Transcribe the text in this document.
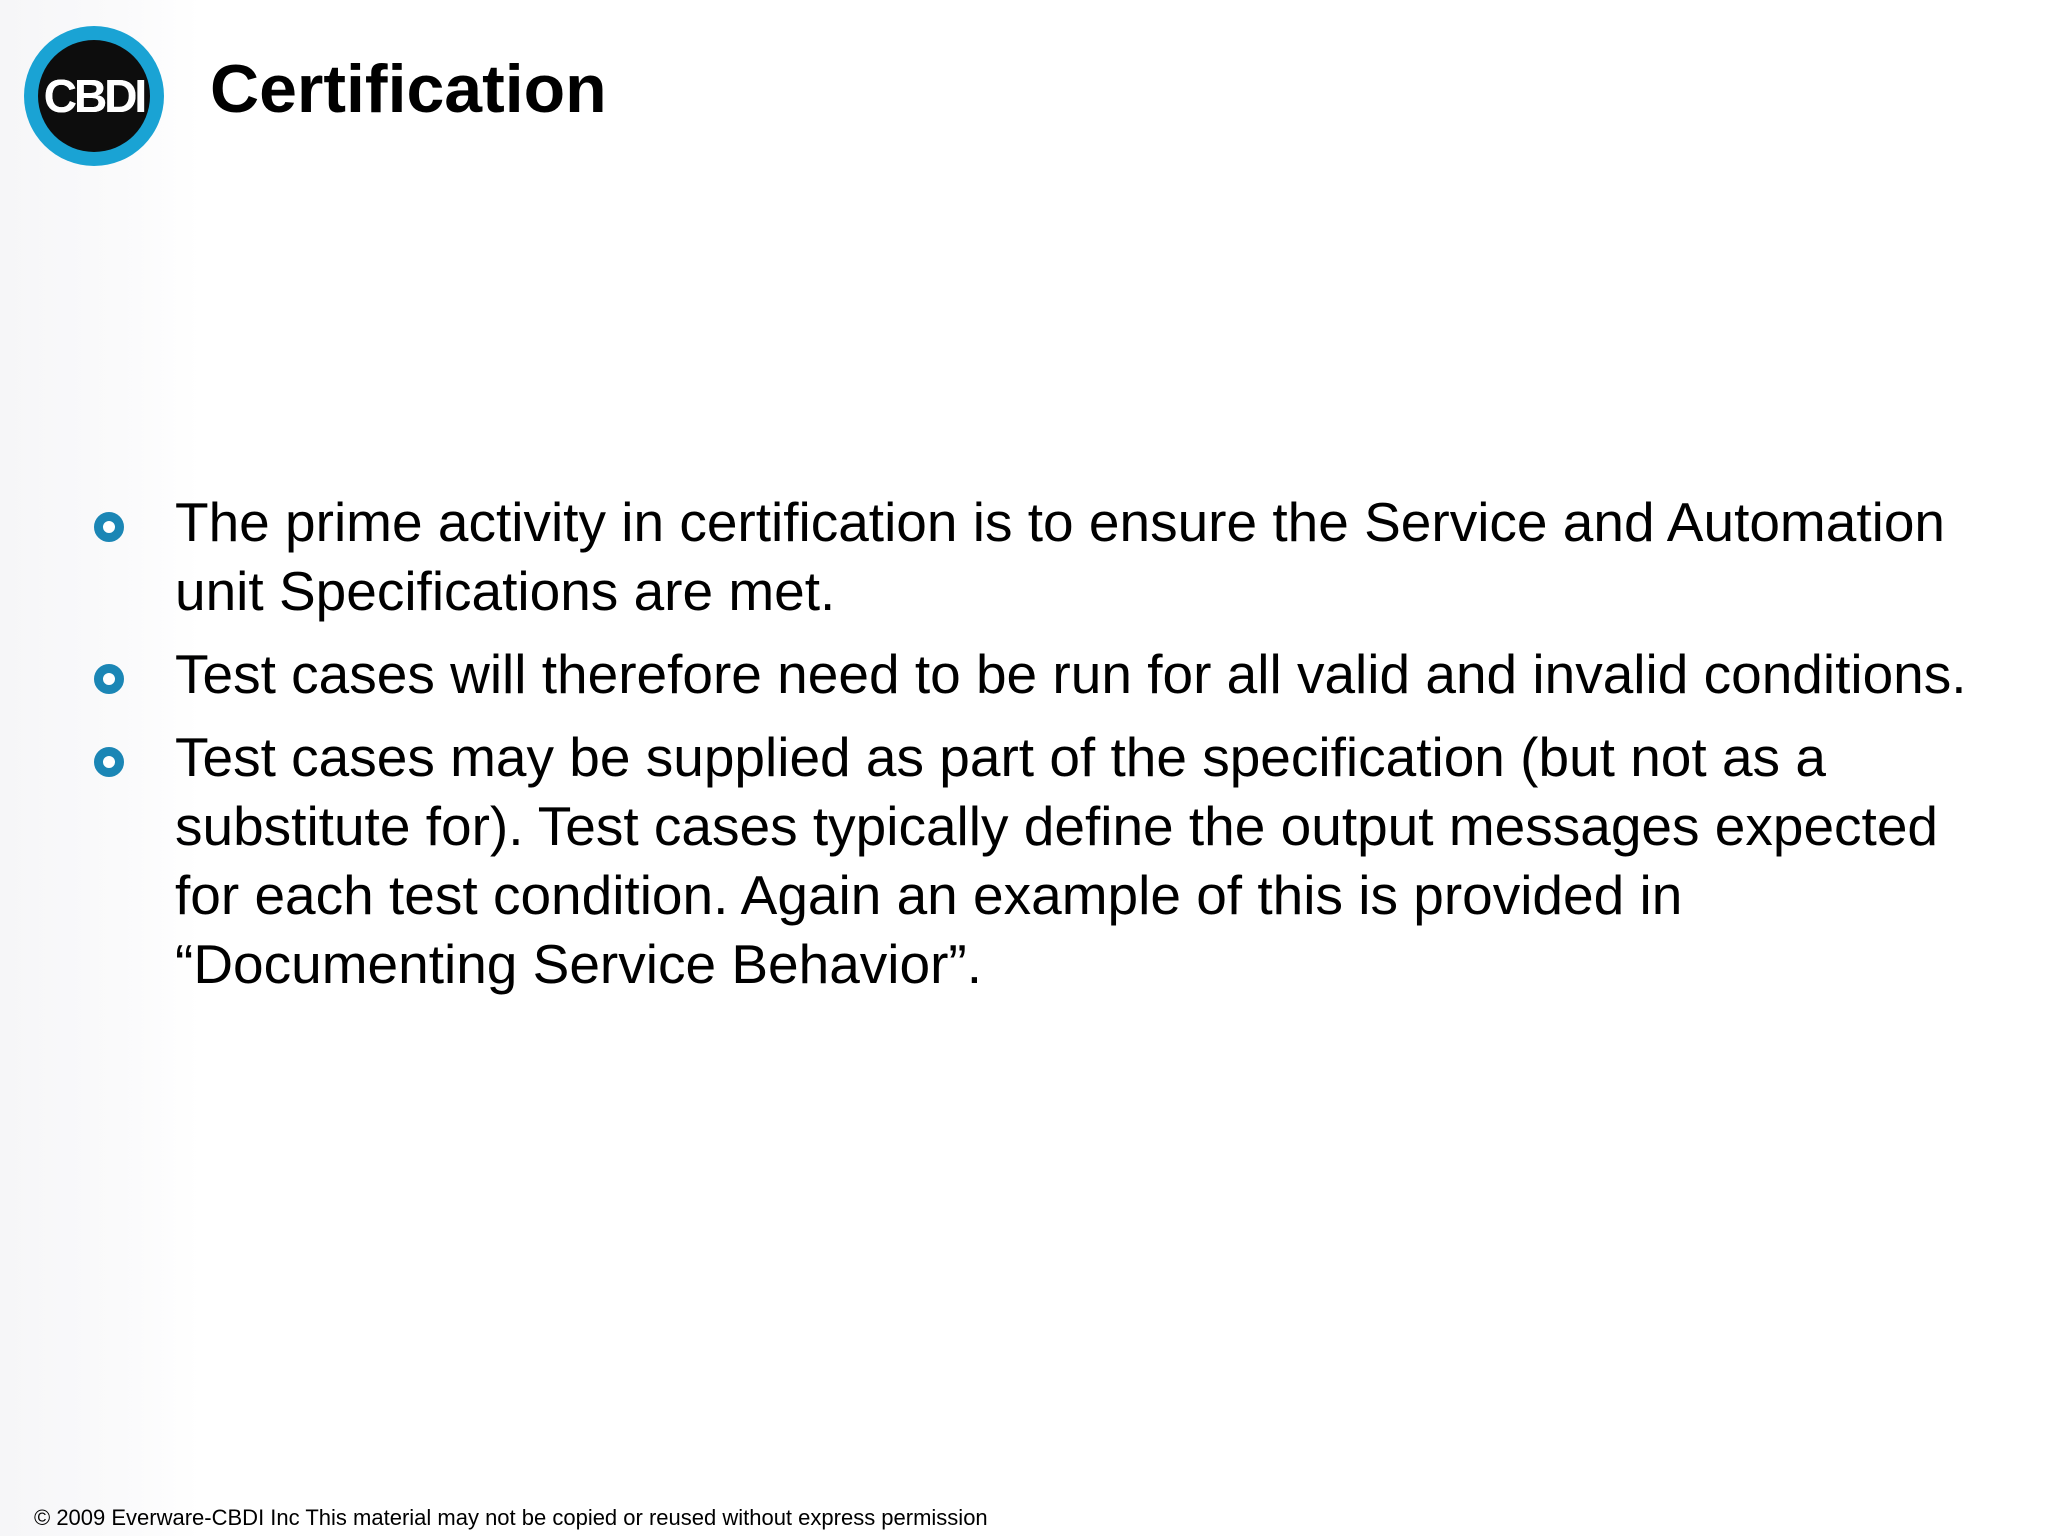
CBDI Certification
The prime activity in certification is to ensure the Service and Automation unit Specifications are met.
Test cases will therefore need to be run for all valid and invalid conditions.
Test cases may be supplied as part of the specification (but not as a substitute for). Test cases typically define the output messages expected for each test condition. Again an example of this is provided in “Documenting Service Behavior”.
© 2009 Everware-CBDI Inc This material may not be copied or reused without express permission
